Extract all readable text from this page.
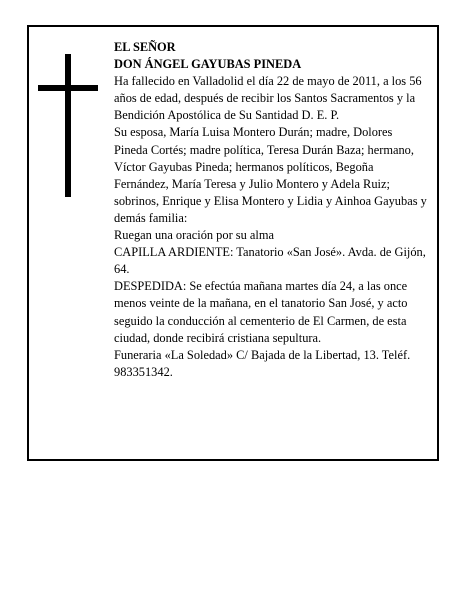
EL SEÑOR

DON ÁNGEL GAYUBAS PINEDA

Ha fallecido en Valladolid el día 22 de mayo de 2011, a los 56 años de edad, después de recibir los Santos Sacramentos y la Bendición Apostólica de Su Santidad D. E. P.

Su esposa, María Luisa Montero Durán; madre, Dolores Pineda Cortés; madre política, Teresa Durán Baza; hermano, Víctor Gayubas Pineda; hermanos políticos, Begoña Fernández, María Teresa y Julio Montero y Adela Ruiz; sobrinos, Enrique y Elisa Montero y Lidia y Ainhoa Gayubas y demás familia:

Ruegan una oración por su alma

CAPILLA ARDIENTE: Tanatorio «San José». Avda. de Gijón, 64.

DESPEDIDA: Se efectúa mañana martes día 24, a las once menos veinte de la mañana, en el tanatorio San José, y acto seguido la conducción al cementerio de El Carmen, de esta ciudad, donde recibirá cristiana sepultura.

Funeraria «La Soledad» C/ Bajada de la Libertad, 13. Teléf. 983351342.
